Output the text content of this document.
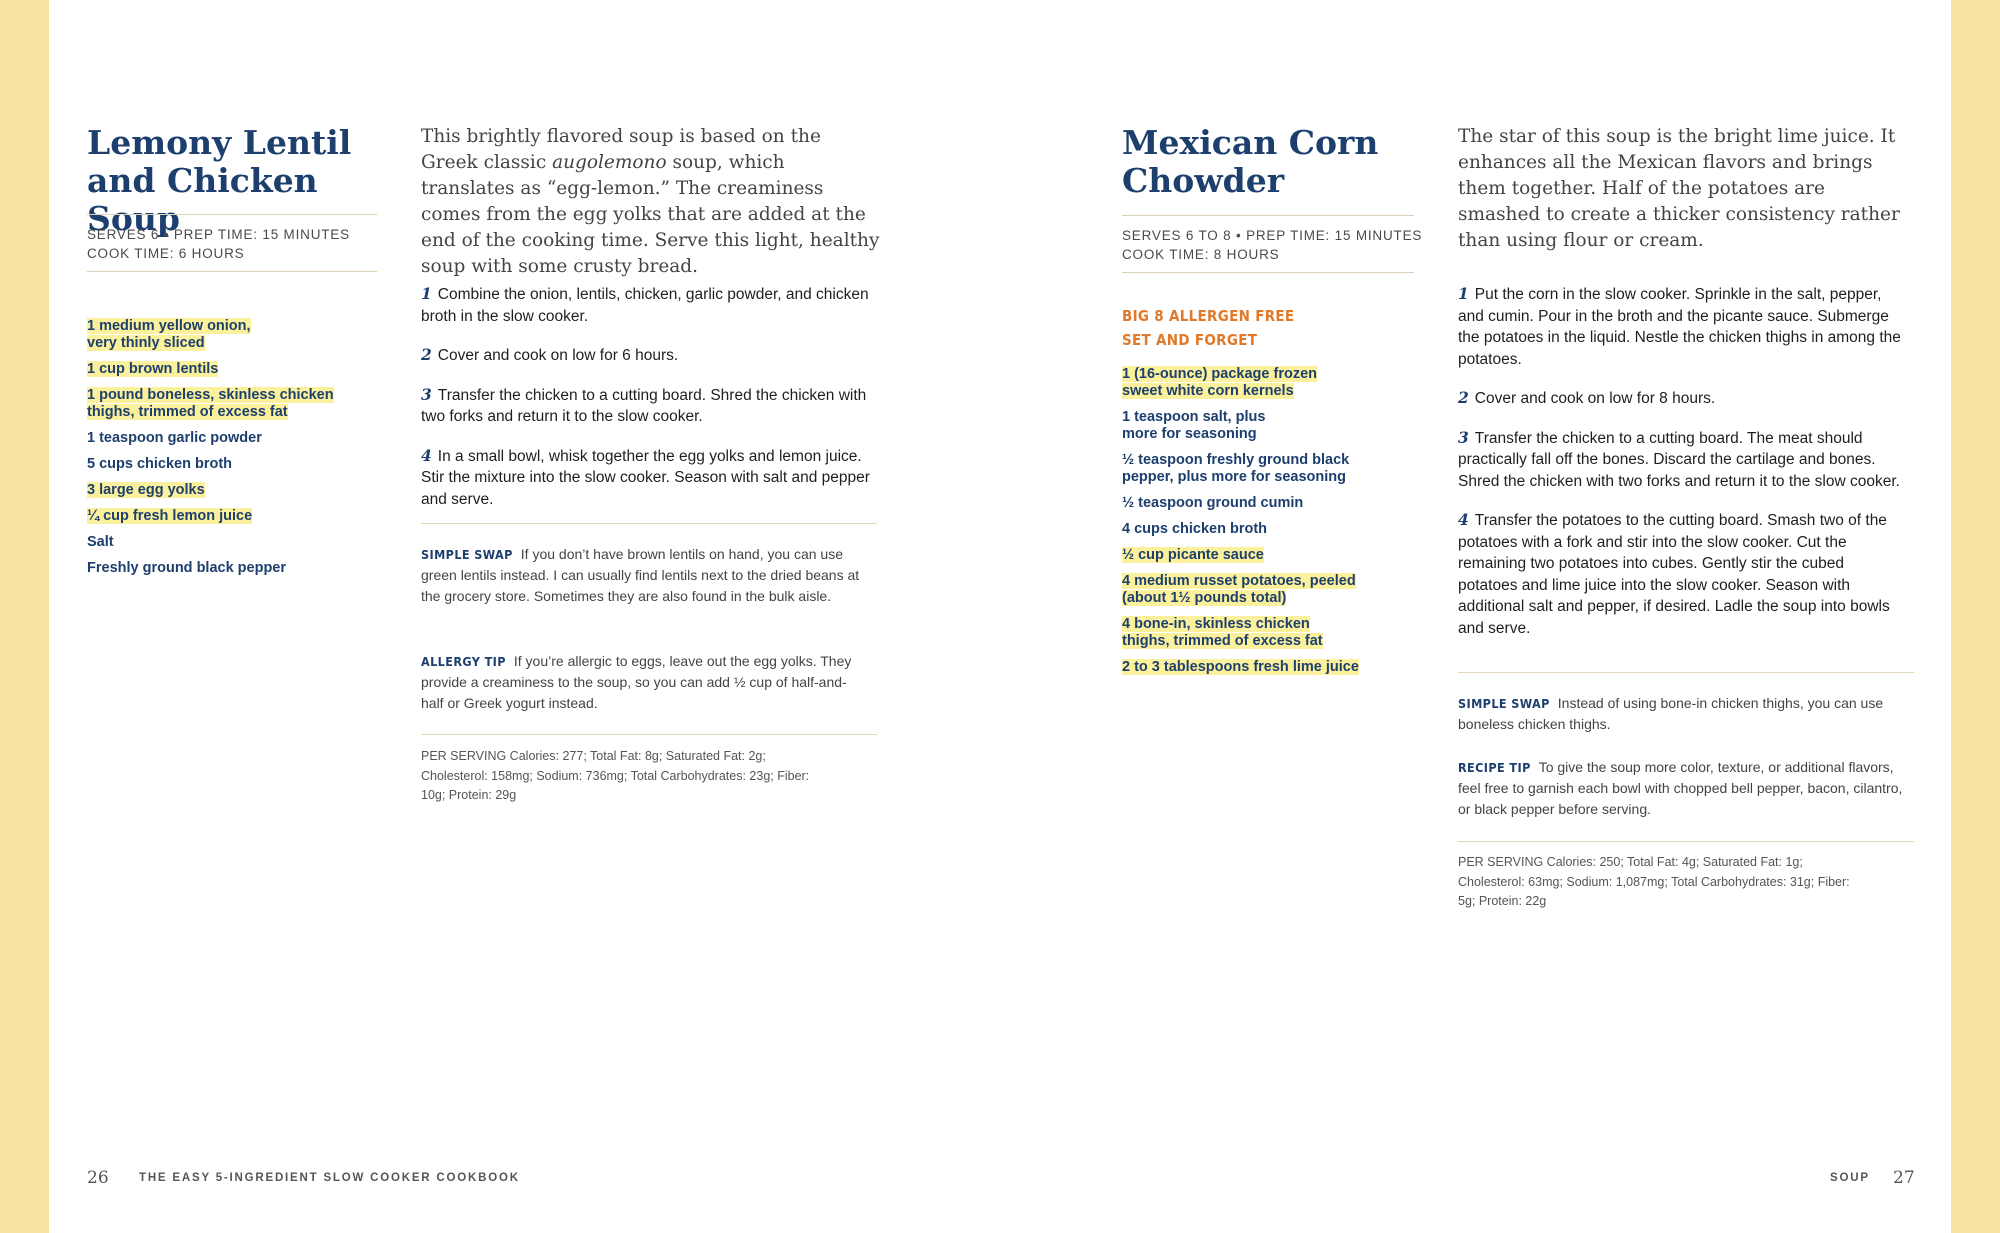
Lemony Lentil and Chicken Soup
SERVES 6 • PREP TIME: 15 MINUTES
COOK TIME: 6 HOURS
1 medium yellow onion,
very thinly sliced
1 cup brown lentils
1 pound boneless, skinless chicken
thighs, trimmed of excess fat
1 teaspoon garlic powder
5 cups chicken broth
3 large egg yolks
¼ cup fresh lemon juice
Salt
Freshly ground black pepper

This brightly flavored soup is based on the Greek classic augolemono soup, which translates as “egg-lemon.” The creaminess comes from the egg yolks that are added at the end of the cooking time. Serve this light, healthy soup with some crusty bread.

1 Combine the onion, lentils, chicken, garlic powder, and chicken broth in the slow cooker.
2 Cover and cook on low for 6 hours.
3 Transfer the chicken to a cutting board. Shred the chicken with two forks and return it to the slow cooker.
4 In a small bowl, whisk together the egg yolks and lemon juice. Stir the mixture into the slow cooker. Season with salt and pepper and serve.

SIMPLE SWAP If you don’t have brown lentils on hand, you can use green lentils instead. I can usually find lentils next to the dried beans at the grocery store. Sometimes they are also found in the bulk aisle.

ALLERGY TIP If you’re allergic to eggs, leave out the egg yolks. They provide a creaminess to the soup, so you can add ½ cup of half-and-half or Greek yogurt instead.

PER SERVING Calories: 277; Total Fat: 8g; Saturated Fat: 2g; Cholesterol: 158mg; Sodium: 736mg; Total Carbohydrates: 23g; Fiber: 10g; Protein: 29g

26	THE EASY 5-INGREDIENT SLOW COOKER COOKBOOK
Mexican Corn Chowder
SERVES 6 TO 8 • PREP TIME: 15 MINUTES
COOK TIME: 8 HOURS
BIG 8 ALLERGEN FREE
SET AND FORGET
1 (16-ounce) package frozen
sweet white corn kernels
1 teaspoon salt, plus
more for seasoning
½ teaspoon freshly ground black
pepper, plus more for seasoning
½ teaspoon ground cumin
4 cups chicken broth
½ cup picante sauce
4 medium russet potatoes, peeled
(about 1½ pounds total)
4 bone-in, skinless chicken
thighs, trimmed of excess fat
2 to 3 tablespoons fresh lime juice

The star of this soup is the bright lime juice. It enhances all the Mexican flavors and brings them together. Half of the potatoes are smashed to create a thicker consistency rather than using flour or cream.

1 Put the corn in the slow cooker. Sprinkle in the salt, pepper, and cumin. Pour in the broth and the picante sauce. Submerge the potatoes in the liquid. Nestle the chicken thighs in among the potatoes.
2 Cover and cook on low for 8 hours.
3 Transfer the chicken to a cutting board. The meat should practically fall off the bones. Discard the cartilage and bones. Shred the chicken with two forks and return it to the slow cooker.
4 Transfer the potatoes to the cutting board. Smash two of the potatoes with a fork and stir into the slow cooker. Cut the remaining two potatoes into cubes. Gently stir the cubed potatoes and lime juice into the slow cooker. Season with additional salt and pepper, if desired. Ladle the soup into bowls and serve.

SIMPLE SWAP Instead of using bone-in chicken thighs, you can use boneless chicken thighs.

RECIPE TIP To give the soup more color, texture, or additional flavors, feel free to garnish each bowl with chopped bell pepper, bacon, cilantro, or black pepper before serving.

PER SERVING Calories: 250; Total Fat: 4g; Saturated Fat: 1g; Cholesterol: 63mg; Sodium: 1,087mg; Total Carbohydrates: 31g; Fiber: 5g; Protein: 22g

SOUP 27
